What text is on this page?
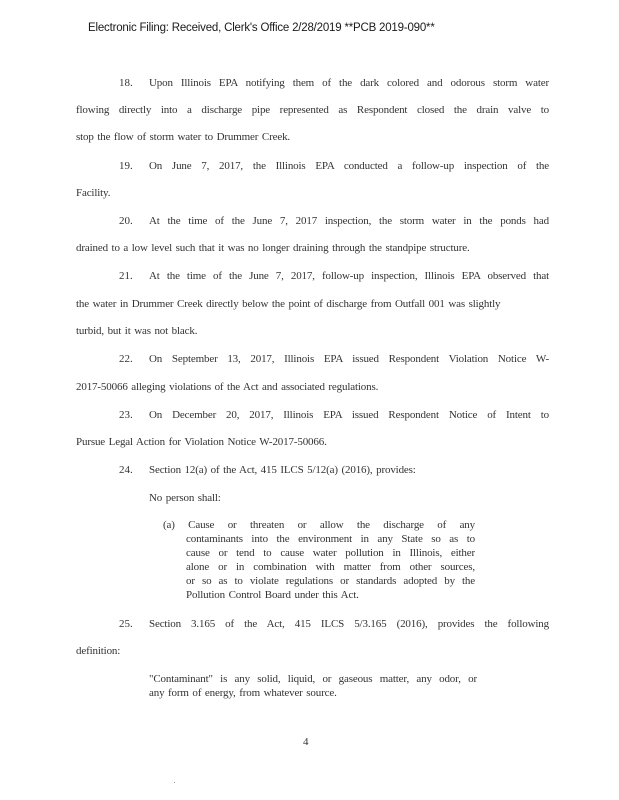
Electronic Filing: Received, Clerk's Office 2/28/2019 **PCB 2019-090**
18. Upon Illinois EPA notifying them of the dark colored and odorous storm water
flowing directly into a discharge pipe represented as Respondent closed the drain valve to
stop the flow of storm water to Drummer Creek.
19. On June 7, 2017, the Illinois EPA conducted a follow-up inspection of the
Facility.
20. At the time of the June 7, 2017 inspection, the storm water in the ponds had
drained to a low level such that it was no longer draining through the standpipe structure.
21. At the time of the June 7, 2017, follow-up inspection, Illinois EPA observed that
the water in Drummer Creek directly below the point of discharge from Outfall 001 was slightly
turbid, but it was not black.
22. On September 13, 2017, Illinois EPA issued Respondent Violation Notice W-
2017-50066 alleging violations of the Act and associated regulations.
23. On December 20, 2017, Illinois EPA issued Respondent Notice of Intent to
Pursue Legal Action for Violation Notice W-2017-50066.
24. Section 12(a) of the Act, 415 ILCS 5/12(a) (2016), provides:
No person shall:
(a) Cause or threaten or allow the discharge of any
contaminants into the environment in any State so as to
cause or tend to cause water pollution in Illinois, either
alone or in combination with matter from other sources,
or so as to violate regulations or standards adopted by the
Pollution Control Board under this Act.
25. Section 3.165 of the Act, 415 ILCS 5/3.165 (2016), provides the following
definition:
"Contaminant" is any solid, liquid, or gaseous matter, any odor, or
any form of energy, from whatever source.
4
